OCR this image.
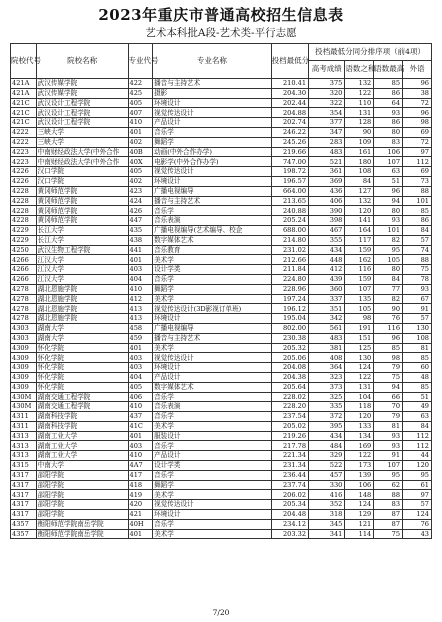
2023年重庆市普通高校招生信息表
艺术本科批A段-艺术类-平行志愿
院校代号	院校名称	专业代号	专业名称	投档最低分	投档最低分同分排序项（前4项）			
					高考成绩	语数之和	语数最高	外语
421A	武汉传媒学院	422	播音与主持艺术	210.41	375	132	85	96
421A	武汉传媒学院	425	摄影	204.30	320	122	86	38
421C	武汉设计工程学院	405	环境设计	202.44	322	110	64	72
421C	武汉设计工程学院	407	视觉传达设计	204.88	354	131	93	96
421C	武汉设计工程学院	410	产品设计	202.74	377	128	86	98
4222	三峡大学	401	音乐学	246.22	347	90	80	69
4222	三峡大学	402	舞蹈学	245.26	283	109	83	72
4223	中南财经政法大学(中外合作	40B	动画(中外合作办学)	219.66	483	161	106	97
4223	中南财经政法大学(中外合作	40X	电影学(中外合作办学)	747.00	521	180	107	112
4226	汉口学院	405	视觉传达设计	198.72	361	108	63	69
4226	汉口学院	402	环境设计	196.57	369	84	51	73
4228	黄冈师范学院	423	广播电视编导	664.00	436	127	96	88
4228	黄冈师范学院	424	播音与主持艺术	213.65	406	132	94	101
4228	黄冈师范学院	426	音乐学	240.88	390	120	80	85
4228	黄冈师范学院	447	音乐表演	205.24	398	141	93	86
4229	长江大学	435	广播电视编导(艺术编导、校企	688.00	467	164	101	84
4229	长江大学	438	数字媒体艺术	214.80	355	117	82	57
4250	武汉生物工程学院	441	音乐教育	231.02	434	159	95	74
4266	江汉大学	401	美术学	212.66	448	162	105	88
4266	江汉大学	403	设计学类	211.84	412	116	80	75
4266	江汉大学	404	音乐学	224.80	439	159	84	78
4278	湖北恩施学院	410	舞蹈学	228.96	360	107	77	93
4278	湖北恩施学院	412	美术学	197.24	337	135	82	67
4278	湖北恩施学院	413	视觉传达设计(3D影视订单班)	196.12	351	105	90	91
4278	湖北恩施学院	413	环境设计	195.04	342	98	76	57
4303	湖南大学	458	广播电视编导	802.00	561	191	116	130
4303	湖南大学	459	播音与主持艺术	230.38	483	151	96	108
4309	怀化学院	401	美术学	205.32	381	125	85	81
4309	怀化学院	403	视觉传达设计	205.06	408	130	98	85
4309	怀化学院	403	环境设计	204.08	364	124	79	60
4309	怀化学院	404	产品设计	204.38	323	122	75	48
4309	怀化学院	405	数字媒体艺术	205.64	373	131	94	85
430M	湖南交通工程学院	406	音乐学	228.02	325	104	66	51
430M	湖南交通工程学院	410	音乐表演	228.20	335	118	70	49
4311	湖南科技学院	437	音乐学	237.54	372	120	79	63
4311	湖南科技学院	41C	美术学	205.02	395	133	81	84
4313	湖南工业大学	401	服装设计	219.26	434	134	93	112
4313	湖南工业大学	403	音乐学	217.78	484	169	93	112
4313	湖南工业大学	410	产品设计	221.34	329	122	91	44
4315	中南大学	4A7	设计学类	231.34	522	173	107	120
4317	邵阳学院	417	音乐学	236.44	457	139	95	95
4317	邵阳学院	418	舞蹈学	237.74	330	106	62	61
4317	邵阳学院	419	美术学	206.02	416	148	88	97
4317	邵阳学院	420	视觉传达设计	205.34	352	124	83	57
4317	邵阳学院	421	环境设计	204.48	318	129	87	124
4357	衡阳师范学院南岳学院	40H	音乐学	234.12	345	121	87	76
4357	衡阳师范学院南岳学院	401	美术学	203.32	341	114	75	43
7/20
